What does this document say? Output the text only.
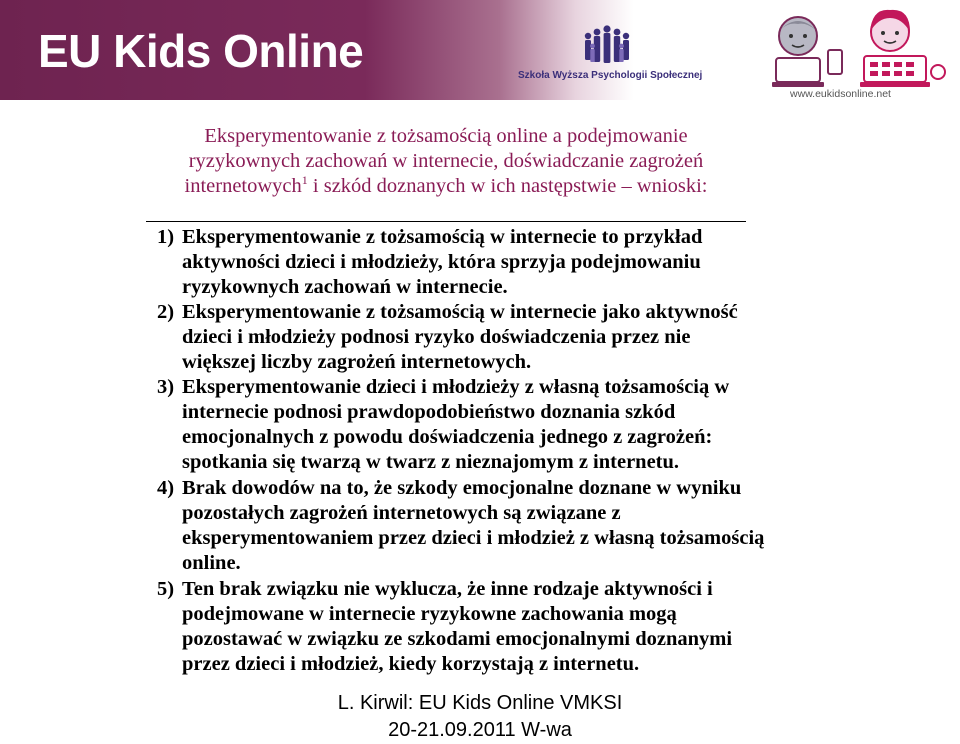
EU Kids Online	Szkoła Wyższa Psychologii Społecznej
www.eukidsonline.net
Eksperymentowanie z tożsamością online a podejmowanie
ryzykownych zachowań w internecie, doświadczanie zagrożeń
internetowych$^1$ i szkód doznanych w ich następstwie – wnioski:
1) Eksperymentowanie z tożsamością w internecie to przykład aktywności dzieci i młodzieży, która sprzyja podejmowaniu ryzykownych zachowań w internecie.
2) Eksperymentowanie z tożsamością w internecie jako aktywność dzieci i młodzieży podnosi ryzyko doświadczenia przez nie większej liczby zagrożeń internetowych.
3) Eksperymentowanie dzieci i młodzieży z własną tożsamością w internecie podnosi prawdopodobieństwo doznania szkód emocjonalnych z powodu doświadczenia jednego z zagrożeń: spotkania się twarzą w twarz z nieznajomym z internetu.
4) Brak dowodów na to, że szkody emocjonalne doznane w wyniku pozostałych zagrożeń internetowych są związane z eksperymentowaniem przez dzieci i młodzież z własną tożsamością online.
5) Ten brak związku nie wyklucza, że inne rodzaje aktywności i podejmowane w internecie ryzykowne zachowania mogą pozostawać w związku ze szkodami emocjonalnymi doznanymi przez dzieci i młodzież, kiedy korzystają z internetu.
L. Kirwil: EU Kids Online VMKSI
20-21.09.2011 W-wa
